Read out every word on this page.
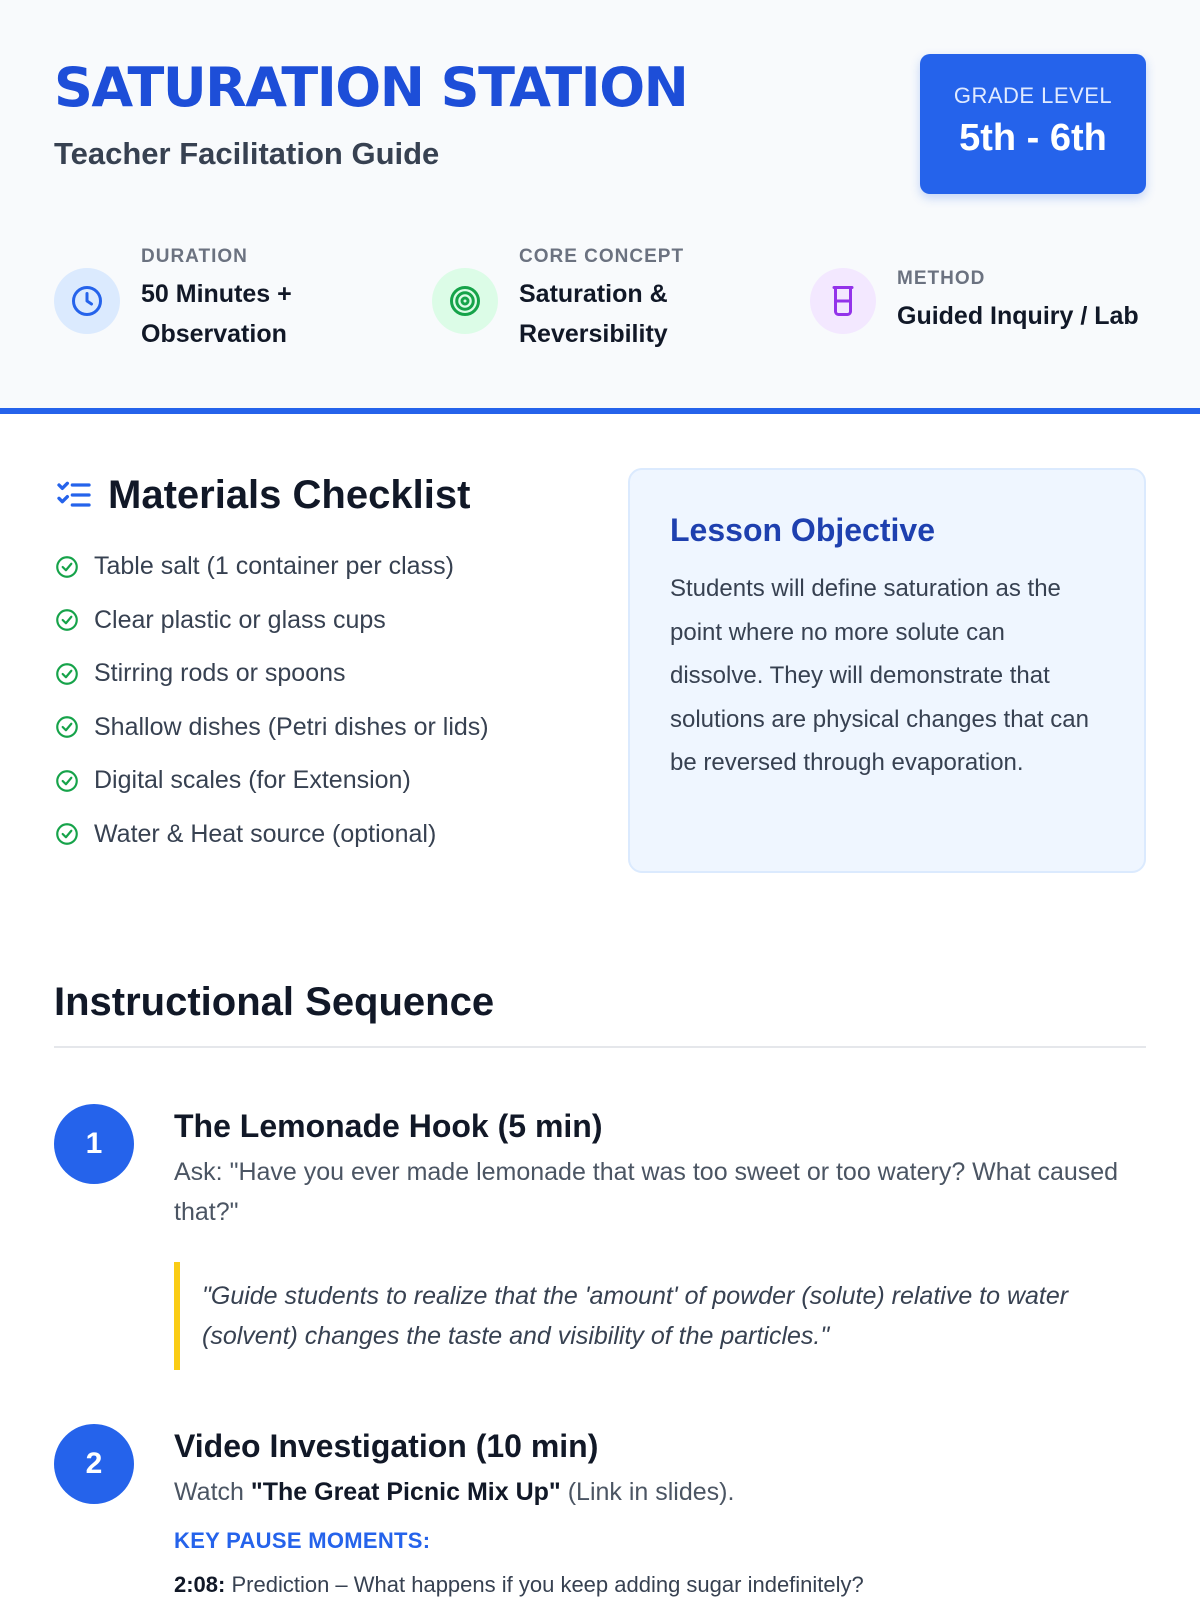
SATURATION STATION
Teacher Facilitation Guide
GRADE LEVEL
5th - 6th
DURATION
50 Minutes + Observation
CORE CONCEPT
Saturation & Reversibility
METHOD
Guided Inquiry / Lab
Materials Checklist
Table salt (1 container per class)
Clear plastic or glass cups
Stirring rods or spoons
Shallow dishes (Petri dishes or lids)
Digital scales (for Extension)
Water & Heat source (optional)
Lesson Objective

Students will define saturation as the point where no more solute can dissolve. They will demonstrate that solutions are physical changes that can be reversed through evaporation.

Instructional Sequence
1	The Lemonade Hook (5 min)

Ask: "Have you ever made lemonade that was too sweet or too watery? What caused that?"

"Guide students to realize that the 'amount' of powder (solute) relative to water (solvent) changes the taste and visibility of the particles."
2	Video Investigation (10 min)

Watch "The Great Picnic Mix Up" (Link in slides).

KEY PAUSE MOMENTS:
2:08: Prediction – What happens if you keep adding sugar indefinitely?
